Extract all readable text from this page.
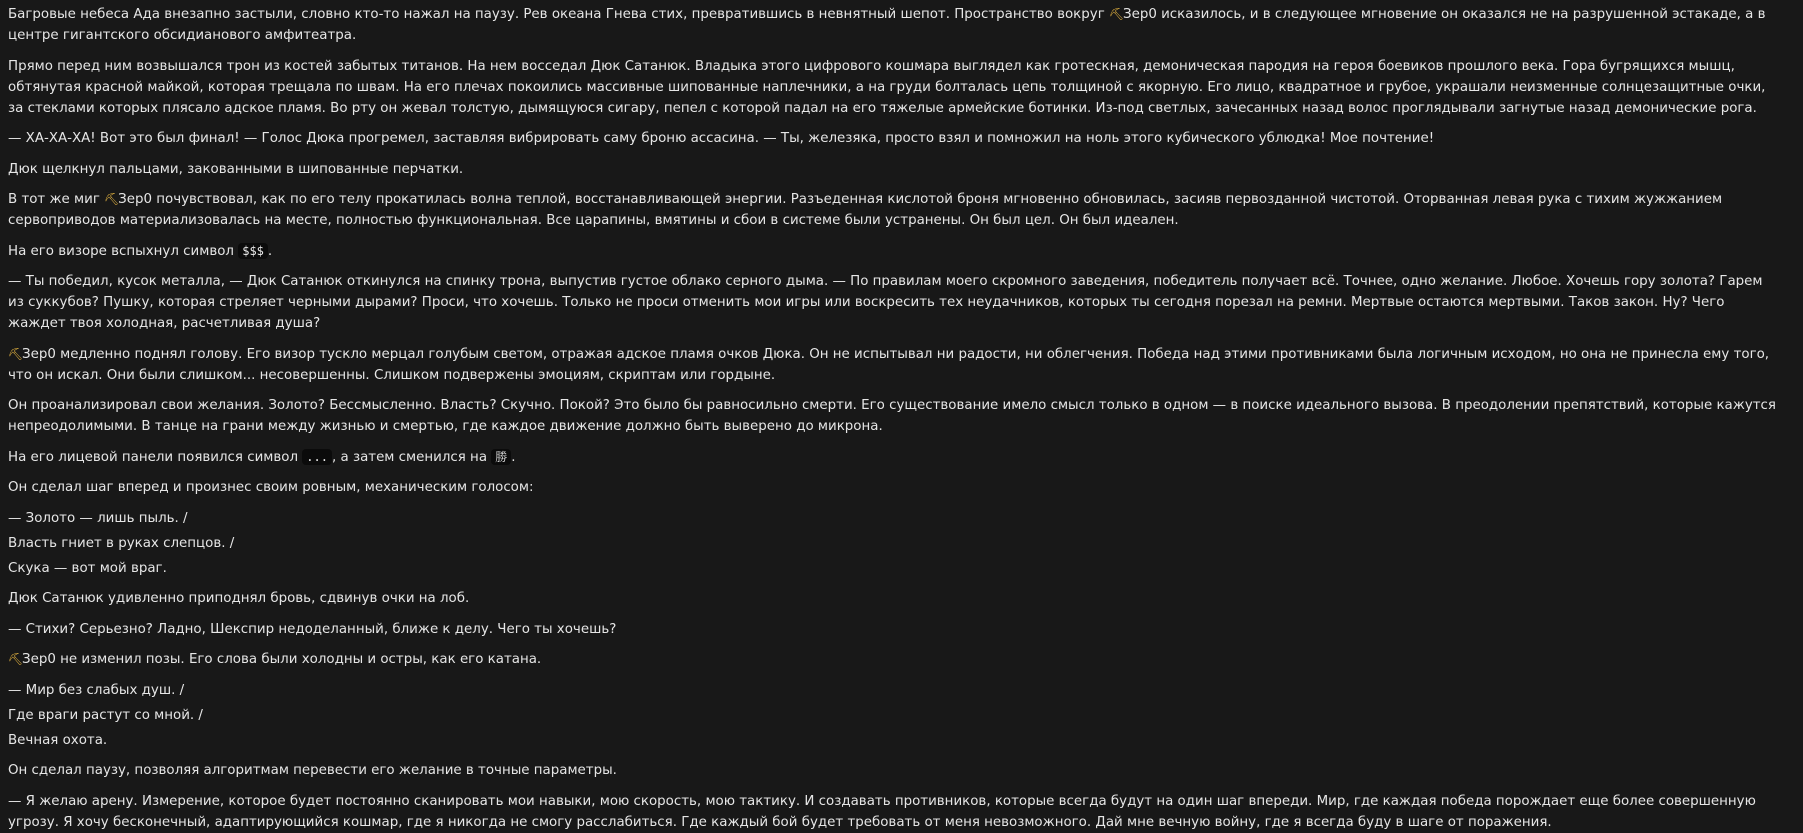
Багровые небеса Ада внезапно застыли, словно кто-то нажал на паузу. Рев океана Гнева стих, превратившись в невнятный шепот. Пространство вокруг ⛏Зер0 исказилось, и в следующее мгновение он оказался не на разрушенной эстакаде, а в центре гигантского обсидианового амфитеатра.

Прямо перед ним возвышался трон из костей забытых титанов. На нем восседал Дюк Сатанюк. Владыка этого цифрового кошмара выглядел как гротескная, демоническая пародия на героя боевиков прошлого века. Гора бугрящихся мышц, обтянутая красной майкой, которая трещала по швам. На его плечах покоились массивные шипованные наплечники, а на груди болталась цепь толщиной с якорную. Его лицо, квадратное и грубое, украшали неизменные солнцезащитные очки, за стеклами которых плясало адское пламя. Во рту он жевал толстую, дымящуюся сигару, пепел с которой падал на его тяжелые армейские ботинки. Из-под светлых, зачесанных назад волос проглядывали загнутые назад демонические рога.

— ХА-ХА-ХА! Вот это был финал! — Голос Дюка прогремел, заставляя вибрировать саму броню ассасина. — Ты, железяка, просто взял и помножил на ноль этого кубического ублюдка! Мое почтение!

Дюк щелкнул пальцами, закованными в шипованные перчатки.

В тот же миг ⛏Зер0 почувствовал, как по его телу прокатилась волна теплой, восстанавливающей энергии. Разъеденная кислотой броня мгновенно обновилась, засияв первозданной чистотой. Оторванная левая рука с тихим жужжанием сервоприводов материализовалась на месте, полностью функциональная. Все царапины, вмятины и сбои в системе были устранены. Он был цел. Он был идеален.

На его визоре вспыхнул символ $$$ .

— Ты победил, кусок металла, — Дюк Сатанюк откинулся на спинку трона, выпустив густое облако серного дыма. — По правилам моего скромного заведения, победитель получает всё. Точнее, одно желание. Любое. Хочешь гору золота? Гарем из суккубов? Пушку, которая стреляет черными дырами? Проси, что хочешь. Только не проси отменить мои игры или воскресить тех неудачников, которых ты сегодня порезал на ремни. Мертвые остаются мертвыми. Таков закон. Ну? Чего жаждет твоя холодная, расчетливая душа?

⛏Зер0 медленно поднял голову. Его визор тускло мерцал голубым светом, отражая адское пламя очков Дюка. Он не испытывал ни радости, ни облегчения. Победа над этими противниками была логичным исходом, но она не принесла ему того, что он искал. Они были слишком... несовершенны. Слишком подвержены эмоциям, скриптам или гордыне.

Он проанализировал свои желания. Золото? Бессмысленно. Власть? Скучно. Покой? Это было бы равносильно смерти. Его существование имело смысл только в одном — в поиске идеального вызова. В преодолении препятствий, которые кажутся непреодолимыми. В танце на грани между жизнью и смертью, где каждое движение должно быть выверено до микрона.

На его лицевой панели появился символ ... , а затем сменился на 勝 .

Он сделал шаг вперед и произнес своим ровным, механическим голосом:

— Золото — лишь пыль. /

Власть гниет в руках слепцов. /

Скука — вот мой враг.

Дюк Сатанюк удивленно приподнял бровь, сдвинув очки на лоб.

— Стихи? Серьезно? Ладно, Шекспир недоделанный, ближе к делу. Чего ты хочешь?

⛏Зер0 не изменил позы. Его слова были холодны и остры, как его катана.

— Мир без слабых душ. /

Где враги растут со мной. /

Вечная охота.

Он сделал паузу, позволяя алгоритмам перевести его желание в точные параметры.

— Я желаю арену. Измерение, которое будет постоянно сканировать мои навыки, мою скорость, мою тактику. И создавать противников, которые всегда будут на один шаг впереди. Мир, где каждая победа порождает еще более совершенную угрозу. Я хочу бесконечный, адаптирующийся кошмар, где я никогда не смогу расслабиться. Где каждый бой будет требовать от меня невозможного. Дай мне вечную войну, где я всегда буду в шаге от поражения.
